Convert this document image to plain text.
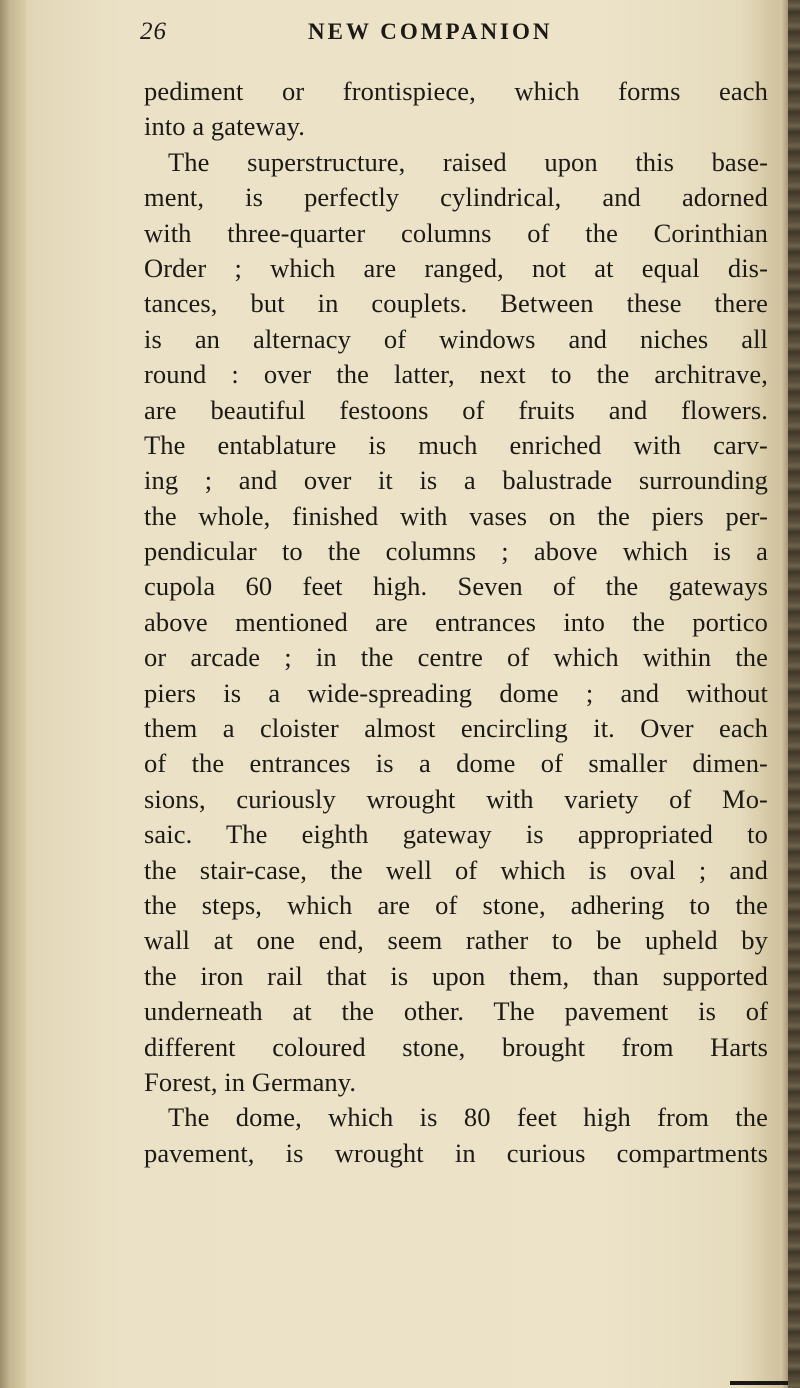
26	NEW COMPANION
pediment or frontispiece, which forms each
into a gateway.
The superstructure, raised upon this base-
ment, is perfectly cylindrical, and adorned
with three-quarter columns of the Corinthian
Order ; which are ranged, not at equal dis-
tances, but in couplets. Between these there
is an alternacy of windows and niches all
round : over the latter, next to the architrave,
are beautiful festoons of fruits and flowers.
The entablature is much enriched with carv-
ing ; and over it is a balustrade surrounding
the whole, finished with vases on the piers per-
pendicular to the columns ; above which is a
cupola 60 feet high. Seven of the gateways
above mentioned are entrances into the portico
or arcade ; in the centre of which within the
piers is a wide-spreading dome ; and without
them a cloister almost encircling it. Over each
of the entrances is a dome of smaller dimen-
sions, curiously wrought with variety of Mo-
saic. The eighth gateway is appropriated to
the stair-case, the well of which is oval ; and
the steps, which are of stone, adhering to the
wall at one end, seem rather to be upheld by
the iron rail that is upon them, than supported
underneath at the other. The pavement is of
different coloured stone, brought from Harts
Forest, in Germany.
The dome, which is 80 feet high from the
pavement, is wrought in curious compartments
